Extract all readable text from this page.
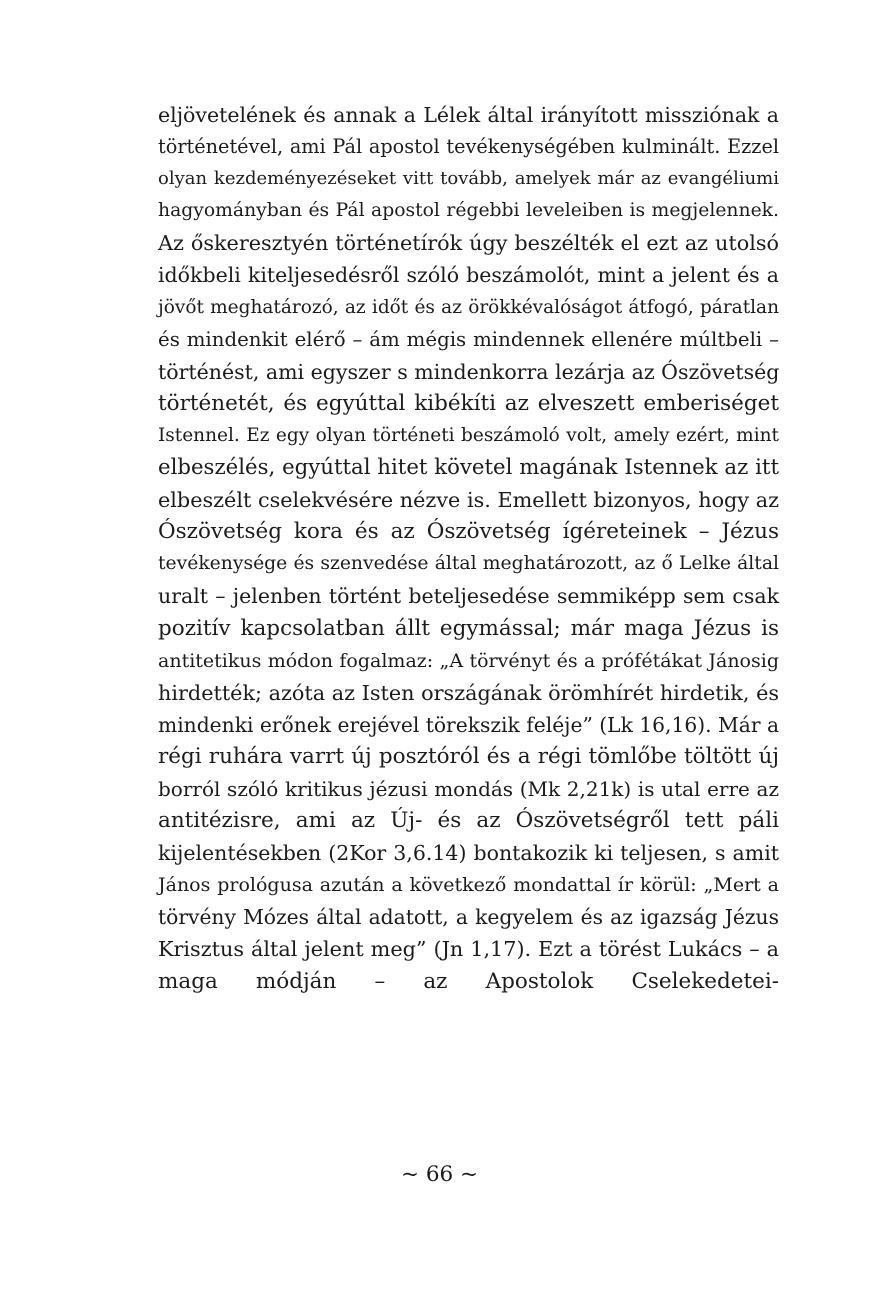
eljövetelének és annak a Lélek által irányított missziónak a
történetével, ami Pál apostol tevékenységében kulminált. Ezzel
olyan kezdeményezéseket vitt tovább, amelyek már az evangéliumi
hagyományban és Pál apostol régebbi leveleiben is megjelennek.
Az őskeresztyén történetírók úgy beszélték el ezt az utolsó
időkbeli kiteljesedésről szóló beszámolót, mint a jelent és a
jövőt meghatározó, az időt és az örökkévalóságot átfogó, páratlan
és mindenkit elérő – ám mégis mindennek ellenére múltbeli –
történést, ami egyszer s mindenkorra lezárja az Ószövetség
történetét, és egyúttal kibékíti az elveszett emberiséget
Istennel. Ez egy olyan történeti beszámoló volt, amely ezért, mint
elbeszélés, egyúttal hitet követel magának Istennek az itt
elbeszélt cselekvésére nézve is. Emellett bizonyos, hogy az
Ószövetség kora és az Ószövetség ígéreteinek – Jézus
tevékenysége és szenvedése által meghatározott, az ő Lelke által
uralt – jelenben történt beteljesedése semmiképp sem csak
pozitív kapcsolatban állt egymással; már maga Jézus is
antitetikus módon fogalmaz: „A törvényt és a prófétákat Jánosig
hirdették; azóta az Isten országának örömhírét hirdetik, és
mindenki erőnek erejével törekszik feléje” (Lk 16,16). Már a
régi ruhára varrt új posztóról és a régi tömlőbe töltött új
borról szóló kritikus jézusi mondás (Mk 2,21k) is utal erre az
antitézisre, ami az Új- és az Ószövetségről tett páli
kijelentésekben (2Kor 3,6.14) bontakozik ki teljesen, s amit
János prológusa azután a következő mondattal ír körül: „Mert a
törvény Mózes által adatott, a kegyelem és az igazság Jézus
Krisztus által jelent meg” (Jn 1,17). Ezt a törést Lukács – a
maga módján – az Apostolok Cselekedetei-
~ 66 ~
